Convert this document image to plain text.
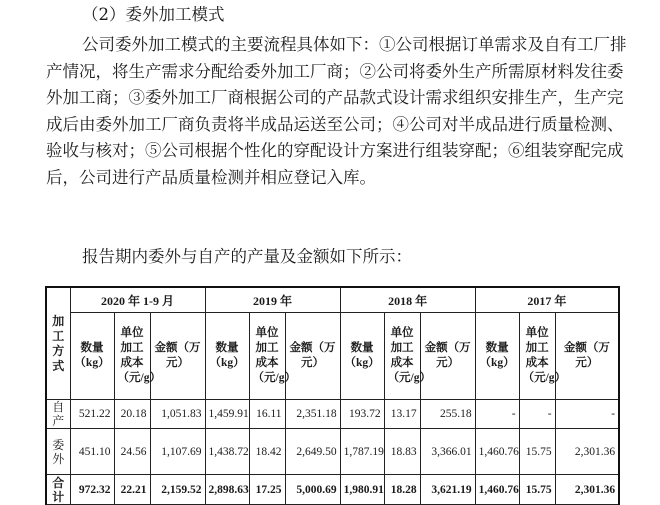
（2）委外加工模式
公司委外加工模式的主要流程具体如下：①公司根据订单需求及自有工厂排
产情况，将生产需求分配给委外加工厂商；②公司将委外生产所需原材料发往委
外加工商；③委外加工厂商根据公司的产品款式设计需求组织安排生产，生产完
成后由委外加工厂商负责将半成品运送至公司；④公司对半成品进行质量检测、
验收与核对；⑤公司根据个性化的穿配设计方案进行组装穿配；⑥组装穿配完成
后，公司进行产品质量检测并相应登记入库。
报告期内委外与自产的产量及金额如下所示：
加工方式	2020 年 1-9 月			2019 年			2018 年			2017 年		
	数量（kg）	单位加工成本（元/g）	金额（万元）	数量（kg）	单位加工成本（元/g）	金额（万元）	数量（kg）	单位加工成本（元/g）	金额（万元）	数量（kg）	单位加工成本（元/g）	金额（万元）

自产	521.22	20.18	1,051.83	1,459.91	16.11	2,351.18	193.72	13.17	255.18	-	-	-

委外	451.10	24.56	1,107.69	1,438.72	18.42	2,649.50	1,787.19	18.83	3,366.01	1,460.76	15.75	2,301.36

合计	972.32	22.21	2,159.52	2,898.63	17.25	5,000.69	1,980.91	18.28	3,621.19	1,460.76	15.75	2,301.36
